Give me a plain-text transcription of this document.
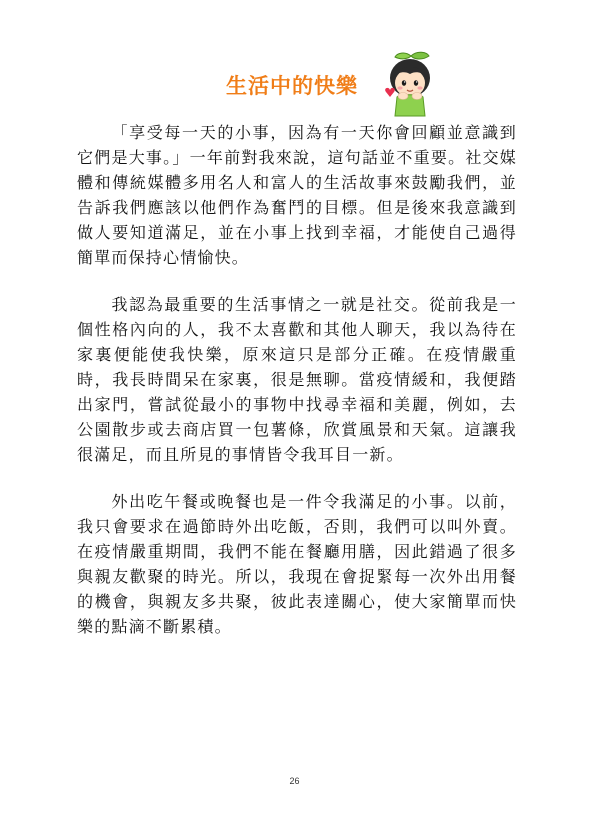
生活中的快樂

「享受每一天的小事，因為有一天你會回顧並意識到它們是大事。」一年前對我來說，這句話並不重要。社交媒體和傳統媒體多用名人和富人的生活故事來鼓勵我們，並告訴我們應該以他們作為奮鬥的目標。但是後來我意識到做人要知道滿足，並在小事上找到幸福，才能使自己過得簡單而保持心情愉快。

我認為最重要的生活事情之一就是社交。從前我是一個性格內向的人，我不太喜歡和其他人聊天，我以為待在家裏便能使我快樂，原來這只是部分正確。在疫情嚴重時，我長時間呆在家裏，很是無聊。當疫情緩和，我便踏出家門，嘗試從最小的事物中找尋幸福和美麗，例如，去公園散步或去商店買一包薯條，欣賞風景和天氣。這讓我很滿足，而且所見的事情皆令我耳目一新。

外出吃午餐或晚餐也是一件令我滿足的小事。以前，我只會要求在過節時外出吃飯，否則，我們可以叫外賣。在疫情嚴重期間，我們不能在餐廳用膳，因此錯過了很多與親友歡聚的時光。所以，我現在會捉緊每一次外出用餐的機會，與親友多共聚，彼此表達關心，使大家簡單而快樂的點滴不斷累積。

26
